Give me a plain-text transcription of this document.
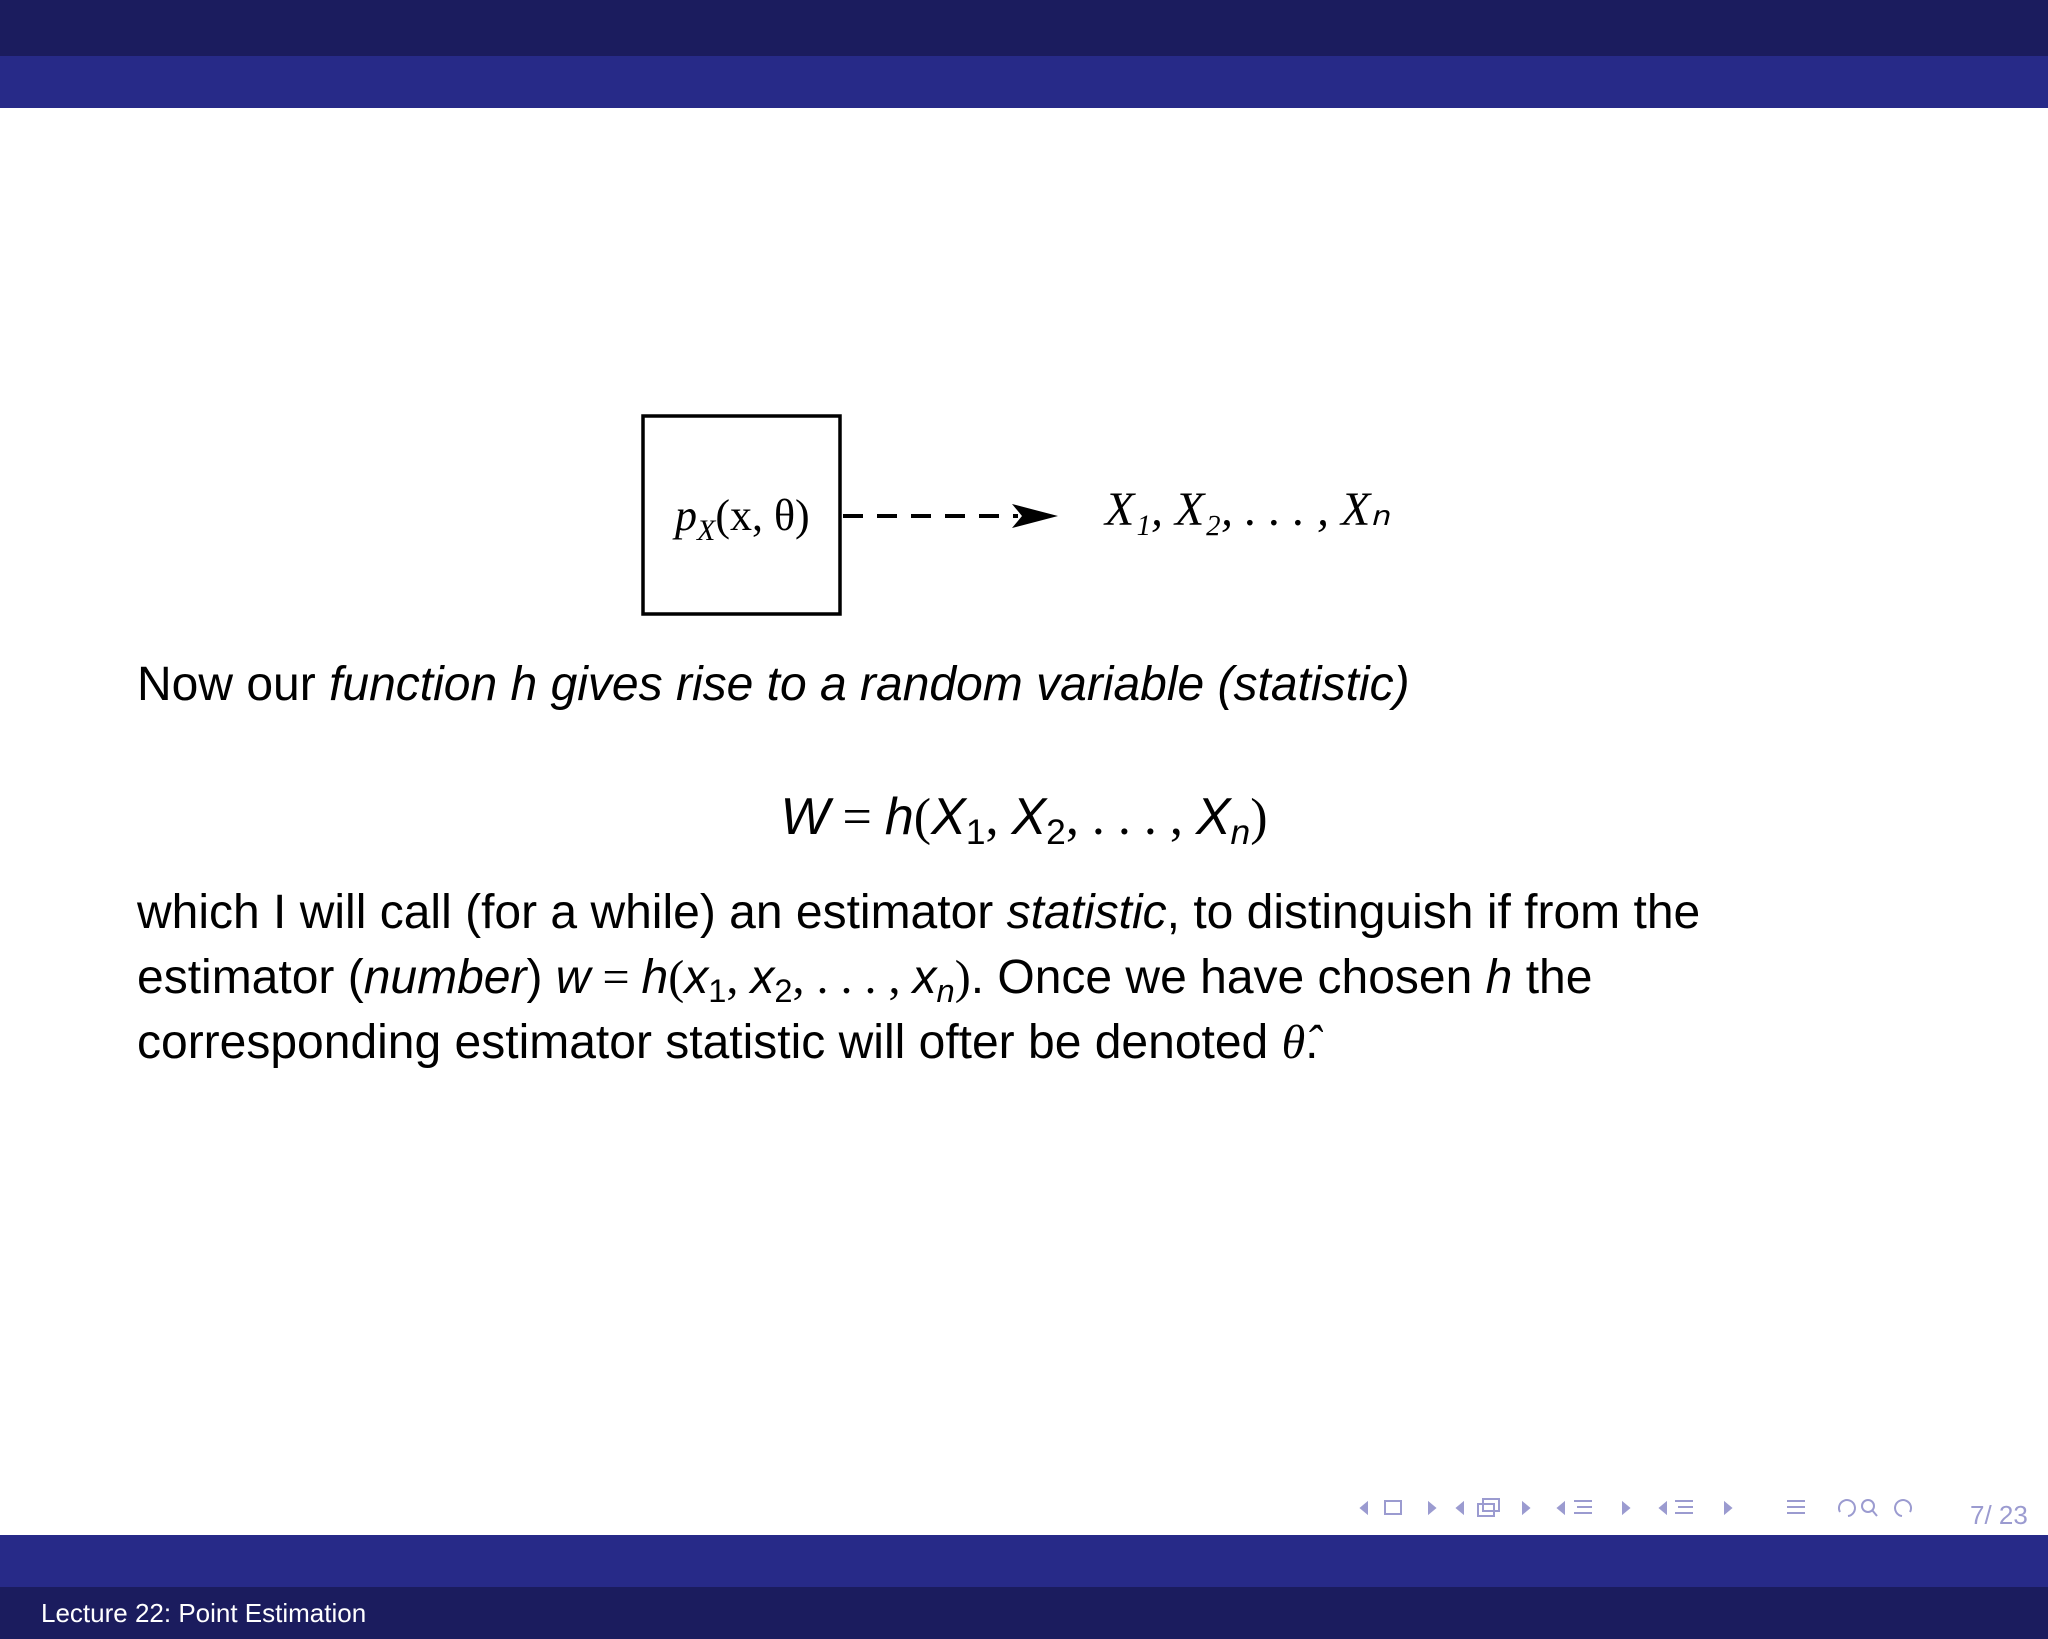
$p_X(x$, θ)	X₁, X₂, . . . , Xₙ
Now our function h gives rise to a random variable (statistic)
$W = h(X_1$, $X_2$, . . . , $X_n$)
which I will call (for a while) an estimator statistic, to distinguish if from the
estimator (number) $w = h(x_1$, $x_2$, . . . , $x_n$). Once we have chosen h the
corresponding estimator statistic will ofter be denoted θ̂.
7/ 23
Lecture 22: Point Estimation
